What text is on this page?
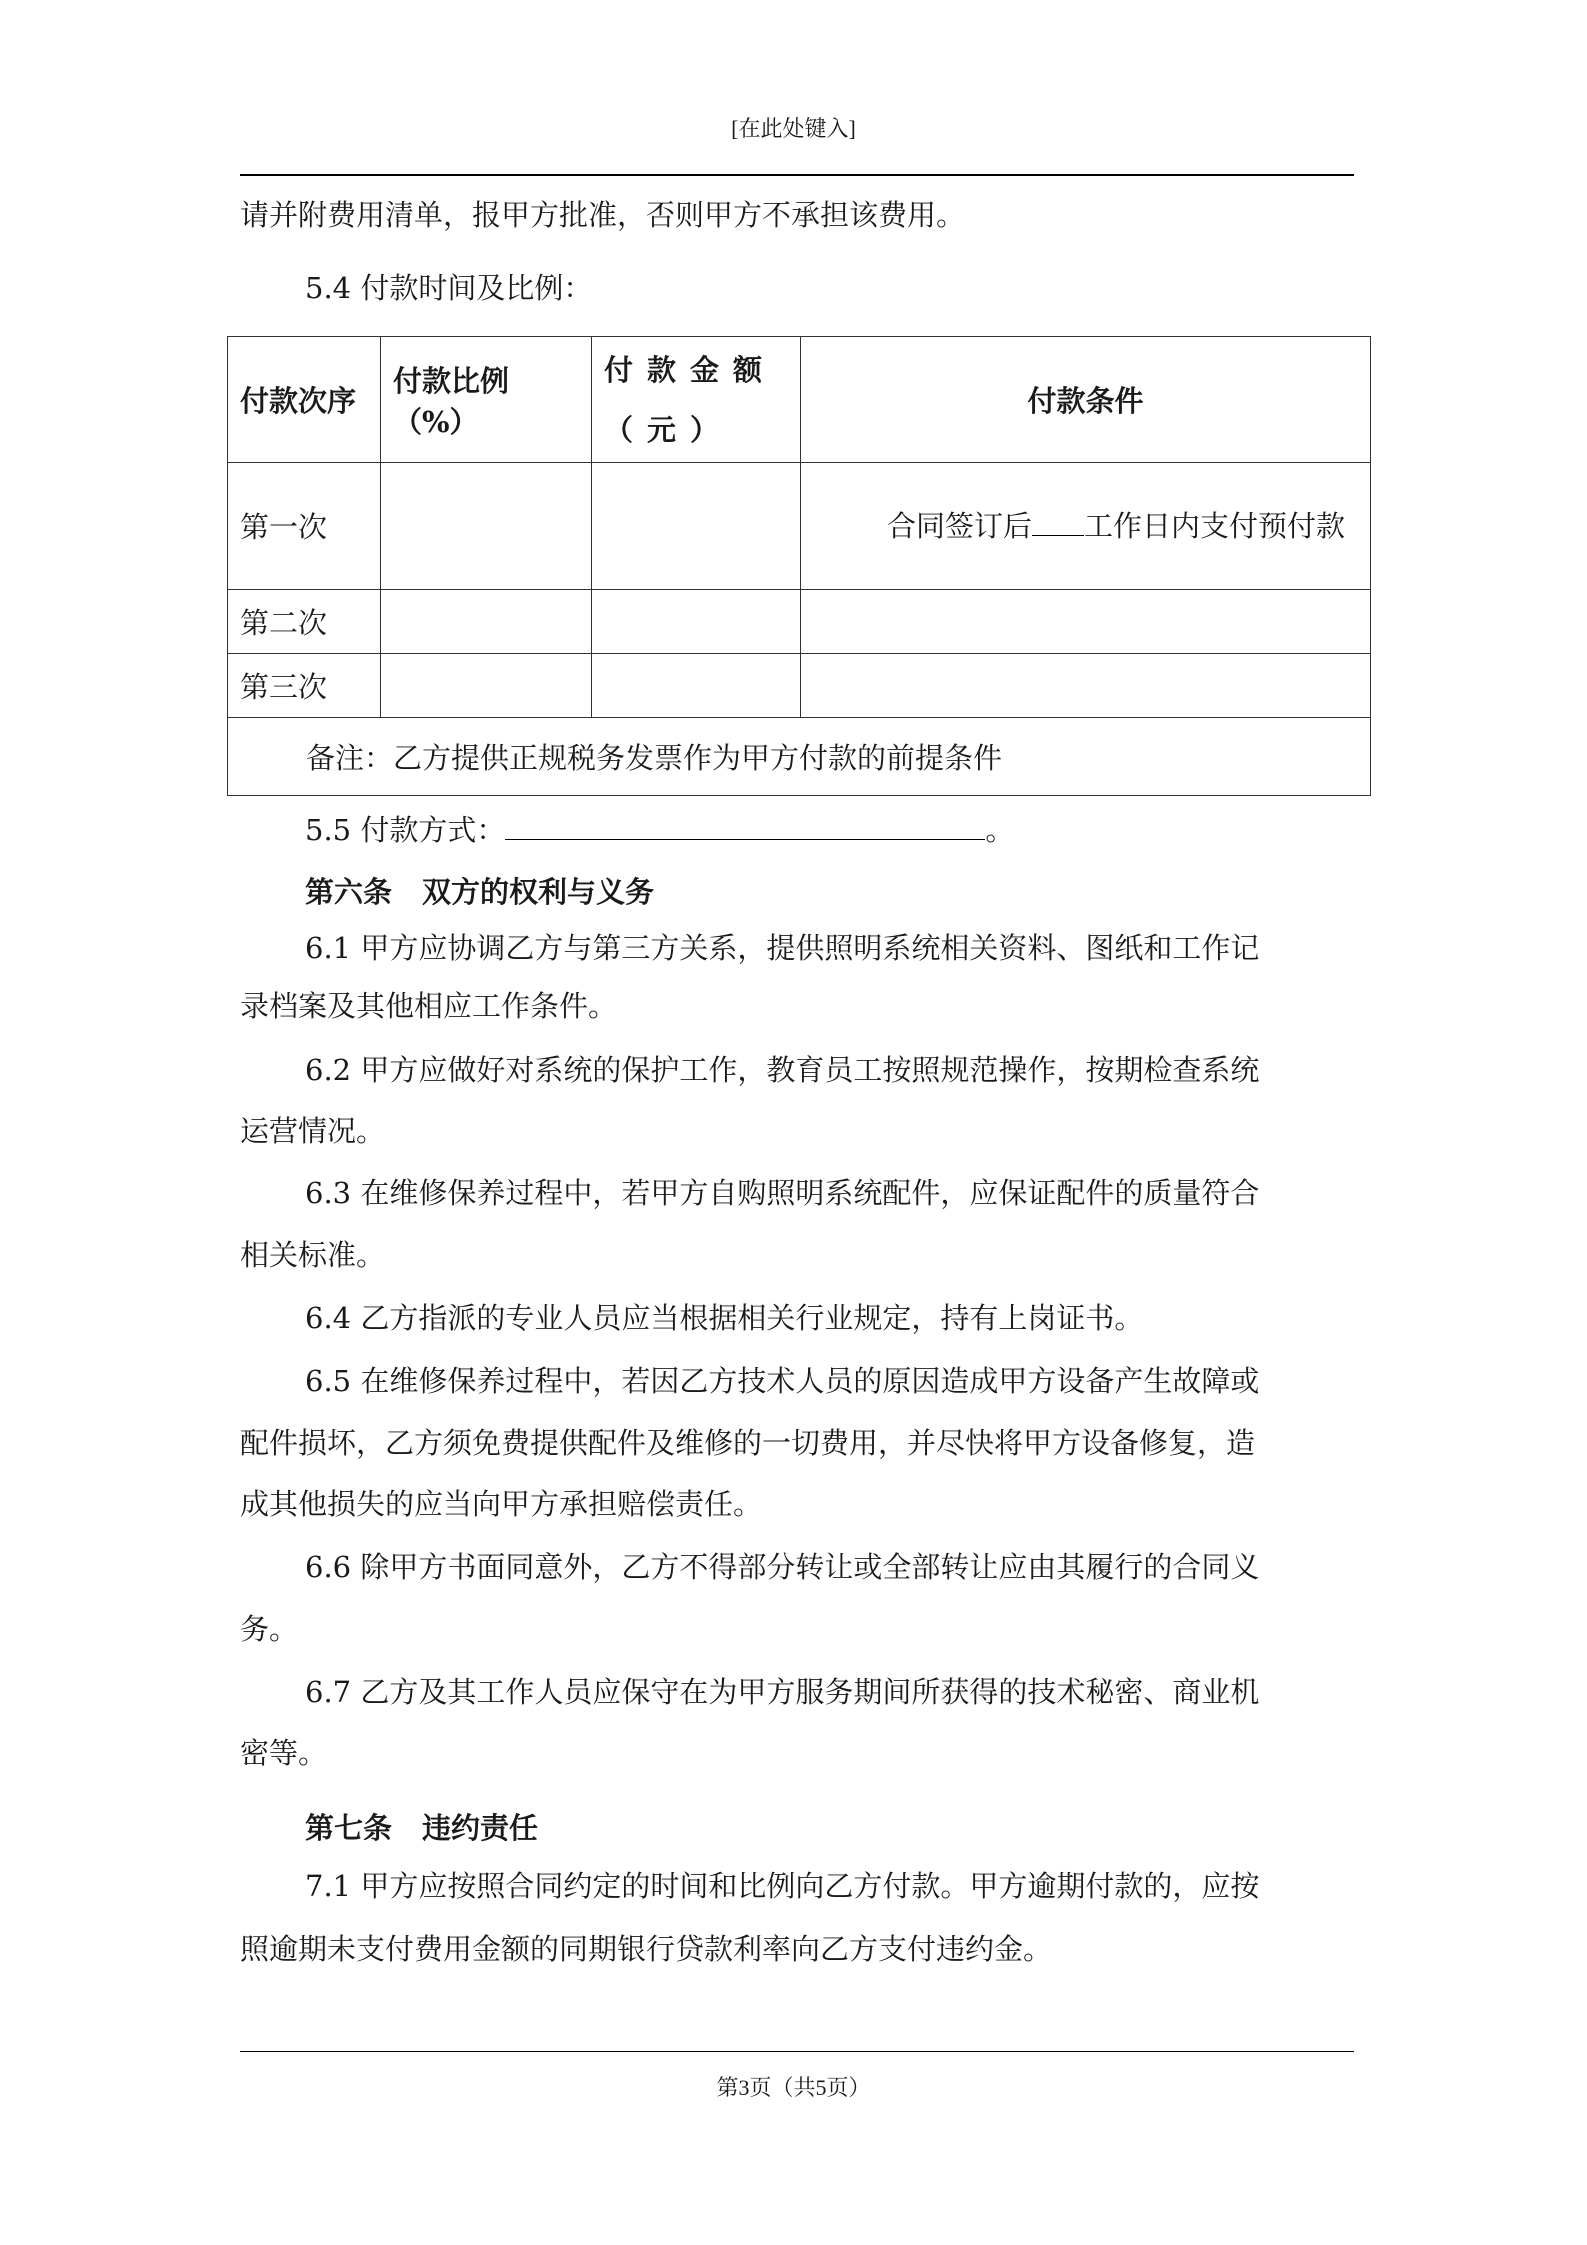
[在此处键入]
请并附费用清单，报甲方批准，否则甲方不承担该费用。
5.4 付款时间及比例：
付款次序	付款比例（%）	付款金额（元）	付款条件
第一次			合同签订后 工作日内支付预付款
第二次			
第三次			
备注：乙方提供正规税务发票作为甲方付款的前提条件			
5.5 付款方式：	。
第六条 双方的权利与义务
6.1 甲方应协调乙方与第三方关系，提供照明系统相关资料、图纸和工作记
录档案及其他相应工作条件。
6.2 甲方应做好对系统的保护工作，教育员工按照规范操作，按期检查系统
运营情况。
6.3 在维修保养过程中，若甲方自购照明系统配件，应保证配件的质量符合
相关标准。
6.4 乙方指派的专业人员应当根据相关行业规定，持有上岗证书。
6.5 在维修保养过程中，若因乙方技术人员的原因造成甲方设备产生故障或
配件损坏，乙方须免费提供配件及维修的一切费用，并尽快将甲方设备修复，造
成其他损失的应当向甲方承担赔偿责任。
6.6 除甲方书面同意外，乙方不得部分转让或全部转让应由其履行的合同义
务。
6.7 乙方及其工作人员应保守在为甲方服务期间所获得的技术秘密、商业机
密等。
第七条 违约责任
7.1 甲方应按照合同约定的时间和比例向乙方付款。甲方逾期付款的，应按
照逾期未支付费用金额的同期银行贷款利率向乙方支付违约金。
第3页（共5页）
